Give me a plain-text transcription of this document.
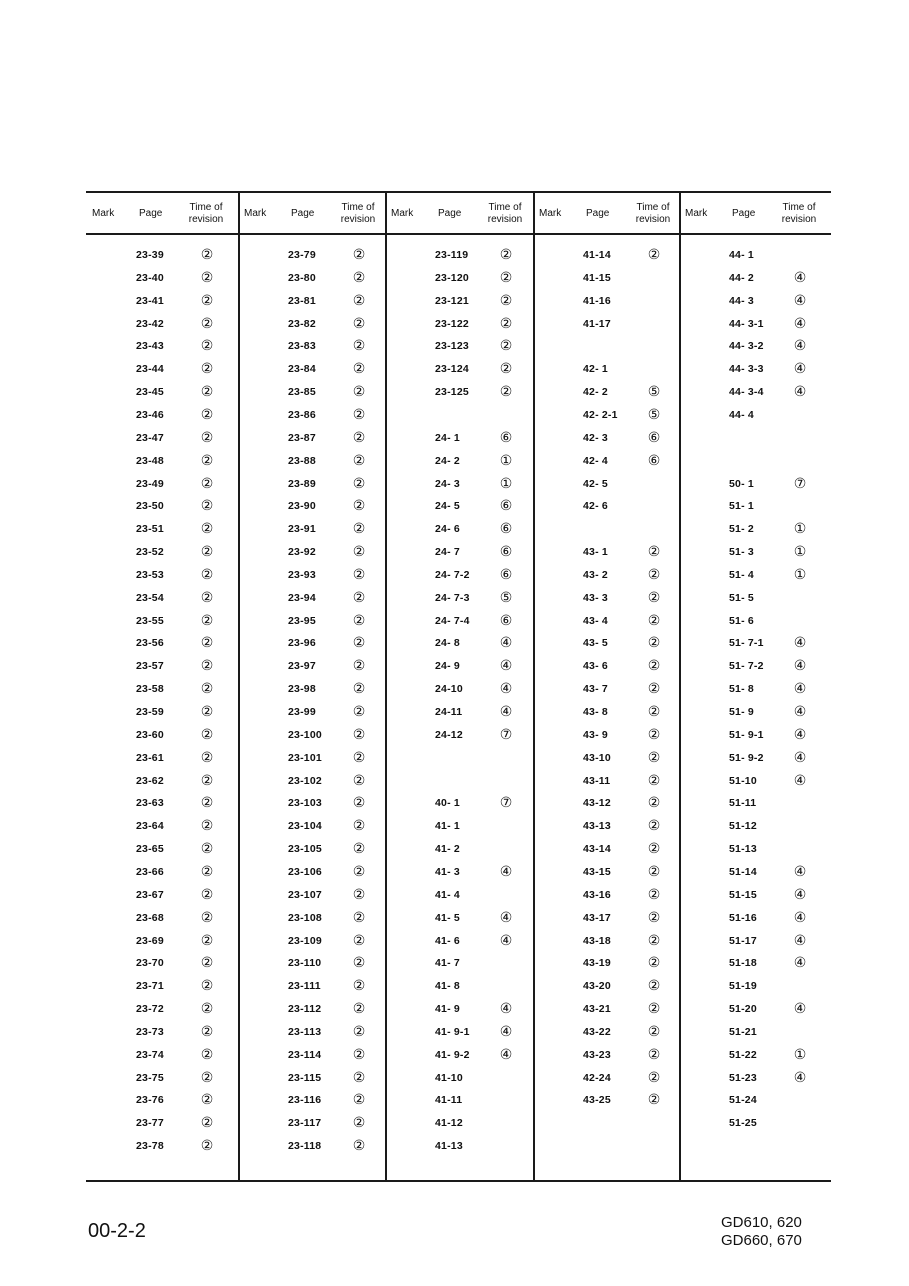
Mark Page
Time of
revision
Mark Page
Time of
revision
Mark Page
Time of
revision
Mark Page
Time of
revision
Mark Page
Time of
revision
23-39	②
23-40	②
23-41	②
23-42	②
23-43	②
23-44	②
23-45	②
23-46	②
23-47	②
23-48	②
23-49	②
23-50	②
23-51	②
23-52	②
23-53	②
23-54	②
23-55	②
23-56	②
23-57	②
23-58	②
23-59	②
23-60	②
23-61	②
23-62	②
23-63	②
23-64	②
23-65	②
23-66	②
23-67	②
23-68	②
23-69	②
23-70	②
23-71	②
23-72	②
23-73	②
23-74	②
23-75	②
23-76	②
23-77	②
23-78	②
23-79	②
23-80	②
23-81	②
23-82	②
23-83	②
23-84	②
23-85	②
23-86	②
23-87	②
23-88	②
23-89	②
23-90	②
23-91	②
23-92	②
23-93	②
23-94	②
23-95	②
23-96	②
23-97	②
23-98	②
23-99	②
23-100 ②
23-101 ②
23-102 ②
23-103 ②
23-104 ②
23-105 ②
23-106 ②
23-107 ②
23-108 ②
23-109 ②
23-110 ②
23-111 ②
23-112 ②
23-113 ②
23-114 ②
23-115 ②
23-116 ②
23-117 ②
23-118 ②
23-119 ②
23-120 ②
23-121 ②
23-122 ②
23-123 ②
23-124 ②
23-125 ②
24- 1	⑥
24- 2	①
24- 3	①
24- 5	⑥
24- 6	⑥
24- 7	⑥
24- 7-2 ⑥
24- 7-3 ⑤
24- 7-4 ⑥
24- 8	④
24- 9	④
24-10	④
24-11	④
24-12	⑦
40- 1	⑦
41- 1
41- 2
41- 3	④
41- 4
41- 5	④
41- 6	④
41- 7
41- 8
41- 9	④
41- 9-1 ④
41- 9-2 ④
41-10
41-11
41-12
41-13
41-14	②
41-15
41-16
41-17
42- 1
42- 2	⑤
42- 2-1 ⑤
42- 3	⑥
42- 4	⑥
42- 5
42- 6
43- 1	②
43- 2	②
43- 3	②
43- 4	②
43- 5	②
43- 6	②
43- 7	②
43- 8	②
43- 9	②
43-10	②
43-11	②
43-12	②
43-13	②
43-14	②
43-15	②
43-16	②
43-17	②
43-18	②
43-19	②
43-20	②
43-21	②
43-22	②
43-23	②
42-24	②
43-25	②
44- 1
44- 2	④
44- 3	④
44- 3-1 ④
44- 3-2 ④
44- 3-3 ④
44- 3-4 ④
44- 4
50- 1	⑦
51- 1
51- 2	①
51- 3	①
51- 4	①
51- 5
51- 6
51- 7-1 ④
51- 7-2 ④
51- 8	④
51- 9	④
51- 9-1 ④
51- 9-2 ④
51-10	④
51-11
51-12
51-13
51-14	④
51-15	④
51-16	④
51-17	④
51-18	④
51-19
51-20	④
51-21
51-22	①
51-23	④
51-24
51-25
00-2-2	GD610, 620
GD660, 670
